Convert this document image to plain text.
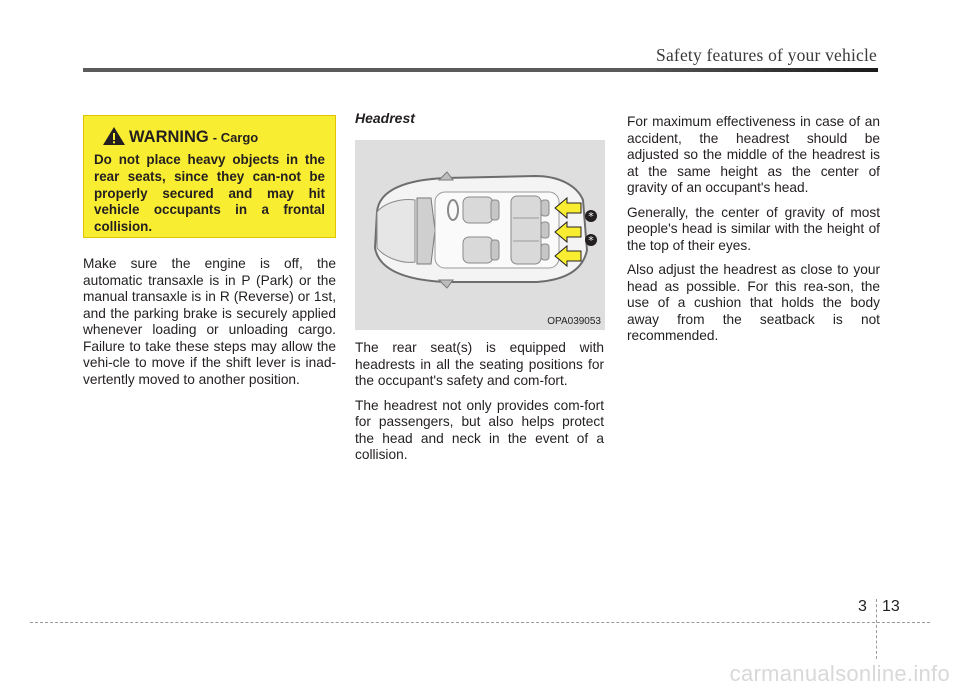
Safety features of your vehicle
WARNING - Cargo
Do not place heavy objects in the rear seats, since they can-not be properly secured and may hit vehicle occupants in a frontal collision.

Make sure the engine is off, the automatic transaxle is in P (Park) or the manual transaxle is in R (Reverse) or 1st, and the parking brake is securely applied whenever loading or unloading cargo. Failure to take these steps may allow the vehi-cle to move if the shift lever is inad-vertently moved to another position.

Headrest
*
*
OPA039053

The rear seat(s) is equipped with headrests in all the seating positions for the occupant's safety and com-fort.

The headrest not only provides com-fort for passengers, but also helps protect the head and neck in the event of a collision.

For maximum effectiveness in case of an accident, the headrest should be adjusted so the middle of the headrest is at the same height as the center of gravity of an occupant's head.

Generally, the center of gravity of most people's head is similar with the height of the top of their eyes.

Also adjust the headrest as close to your head as possible. For this rea-son, the use of a cushion that holds the body away from the seatback is not recommended.

3 13
carmanualsonline.info
